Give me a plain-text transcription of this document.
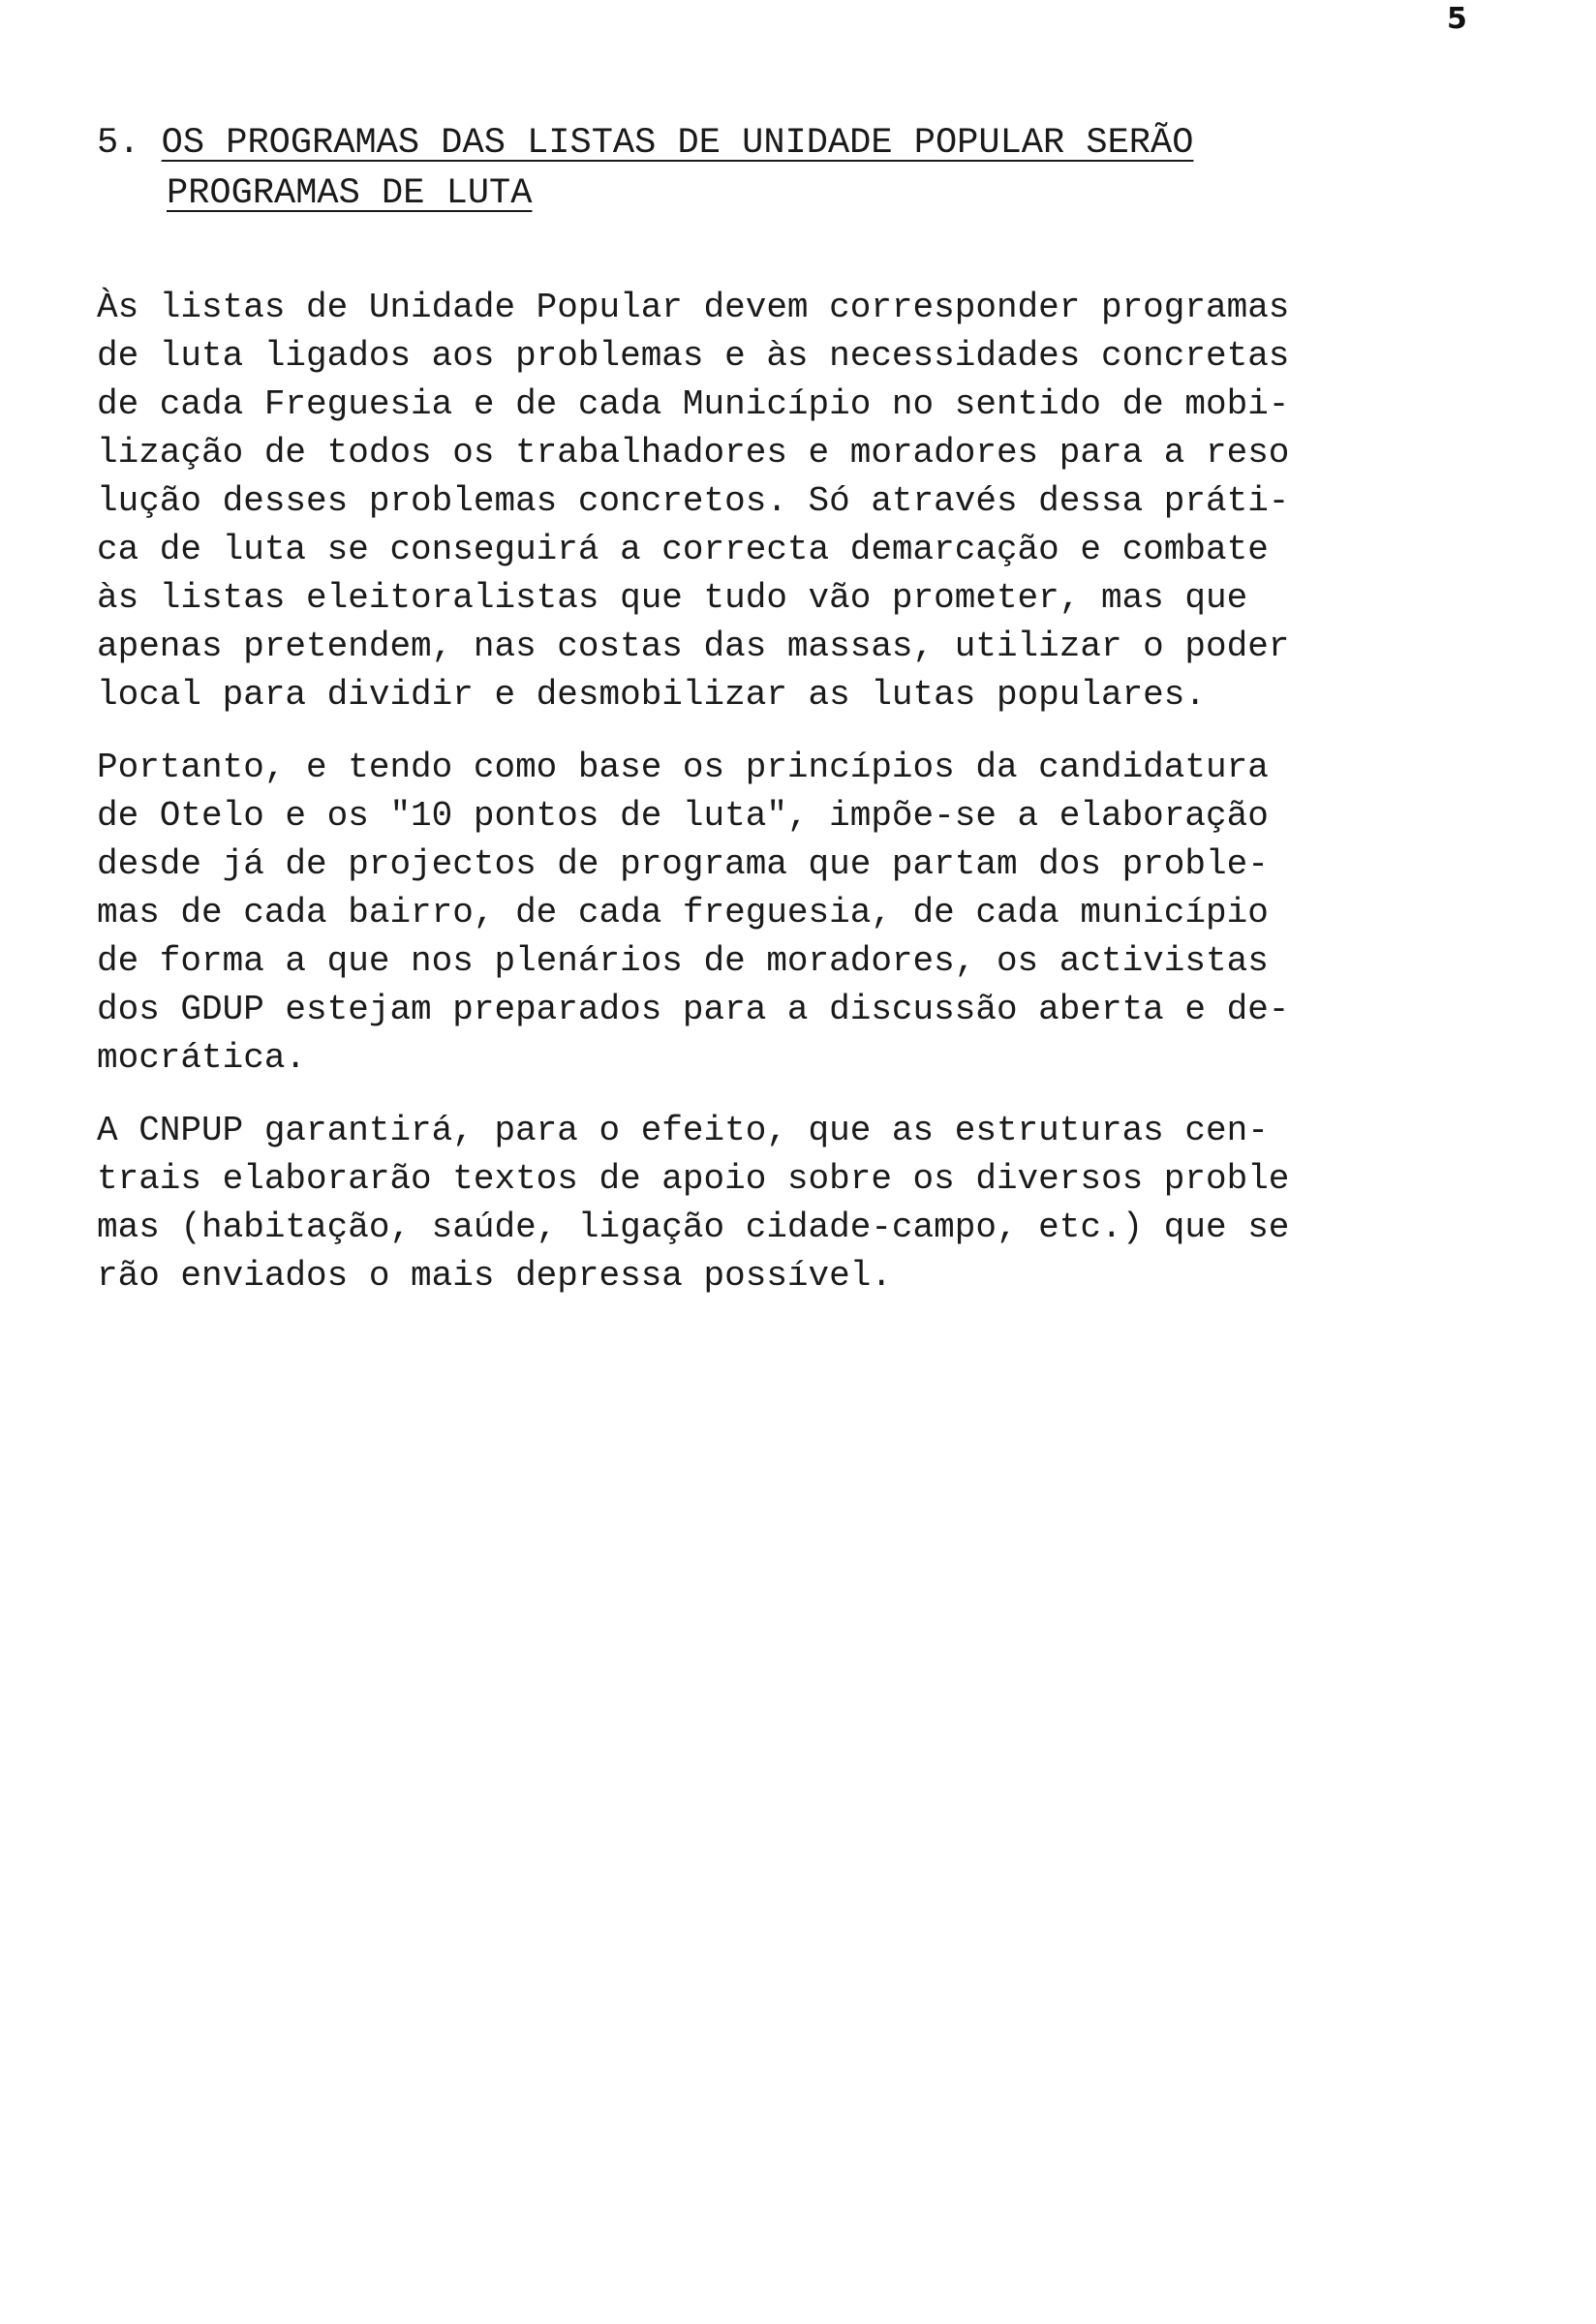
5
5. OS PROGRAMAS DAS LISTAS DE UNIDADE POPULAR SERÃO
PROGRAMAS DE LUTA
Às listas de Unidade Popular devem corresponder programas
de luta ligados aos problemas e às necessidades concretas
de cada Freguesia e de cada Município no sentido de mobi-
lização de todos os trabalhadores e moradores para a reso
lução desses problemas concretos. Só através dessa práti-
ca de luta se conseguirá a correcta demarcação e combate
às listas eleitoralistas que tudo vão prometer, mas que
apenas pretendem, nas costas das massas, utilizar o poder
local para dividir e desmobilizar as lutas populares.
Portanto, e tendo como base os princípios da candidatura
de Otelo e os "10 pontos de luta", impõe-se a elaboração
desde já de projectos de programa que partam dos proble-
mas de cada bairro, de cada freguesia, de cada município
de forma a que nos plenários de moradores, os activistas
dos GDUP estejam preparados para a discussão aberta e de-
mocrática.
A CNPUP garantirá, para o efeito, que as estruturas cen-
trais elaborarão textos de apoio sobre os diversos proble
mas (habitação, saúde, ligação cidade-campo, etc.) que se
rão enviados o mais depressa possível.
